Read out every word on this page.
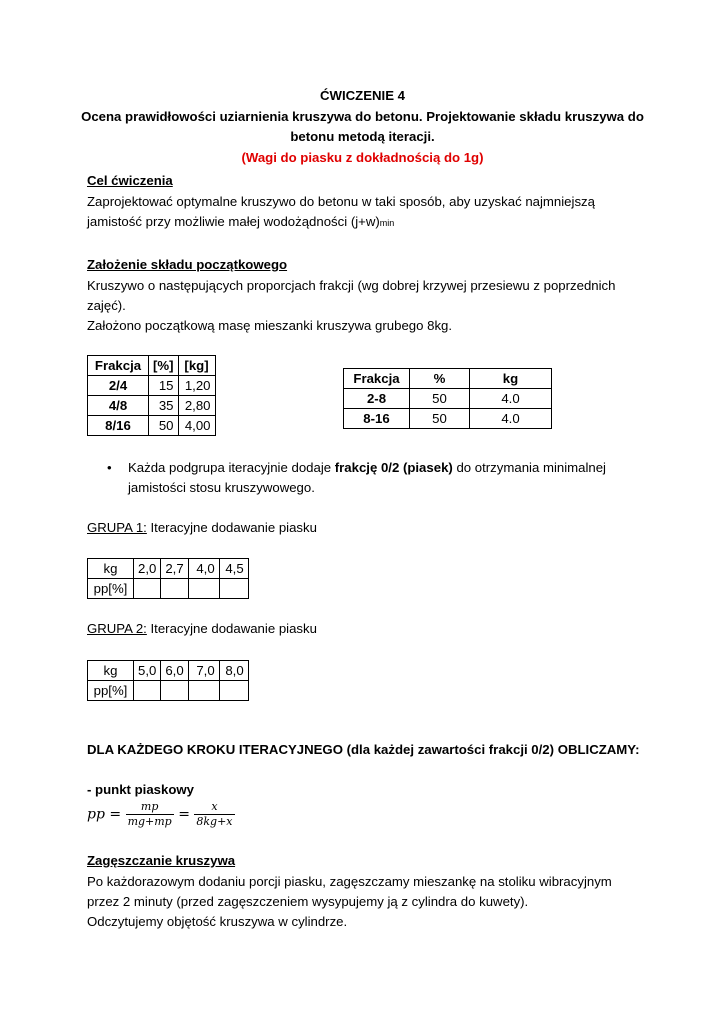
ĆWICZENIE 4
Ocena prawidłowości uziarnienia kruszywa do betonu. Projektowanie składu kruszywa do
betonu metodą iteracji.
(Wagi do piasku z dokładnością do 1g)
Cel ćwiczenia
Zaprojektować optymalne kruszywo do betonu w taki sposób, aby uzyskać najmniejszą
jamistość przy możliwie małej wodożądności (j+w)min
Założenie składu początkowego
Kruszywo o następujących proporcjach frakcji (wg dobrej krzywej przesiewu z poprzednich
zajęć).
Założono początkową masę mieszanki kruszywa grubego 8kg.
Frakcja	[%]	[kg]
2/4	15	1,20
4/8	35	2,80
8/16	50	4,00
Frakcja	%	kg
2-8	50	4.0
8-16	50	4.0
• Każda podgrupa iteracyjnie dodaje frakcję 0/2 (piasek) do otrzymania minimalnej
jamistości stosu kruszywowego.
GRUPA 1: Iteracyjne dodawanie piasku
kg	2,0	2,7	4,0	4,5
pp[%]				
GRUPA 2: Iteracyjne dodawanie piasku
kg	5,0	6,0	7,0	8,0
pp[%]				
DLA KAŻDEGO KROKU ITERACYJNEGO (dla każdej zawartości frakcji 0/2) OBLICZAMY:
- punkt piaskowy
pp = $\frac{mp}{mg+mp} = \frac{x}{8kg+x}$
Zagęszczanie kruszywa
Po każdorazowym dodaniu porcji piasku, zagęszczamy mieszankę na stoliku wibracyjnym
przez 2 minuty (przed zagęszczeniem wysypujemy ją z cylindra do kuwety).
Odczytujemy objętość kruszywa w cylindrze.
